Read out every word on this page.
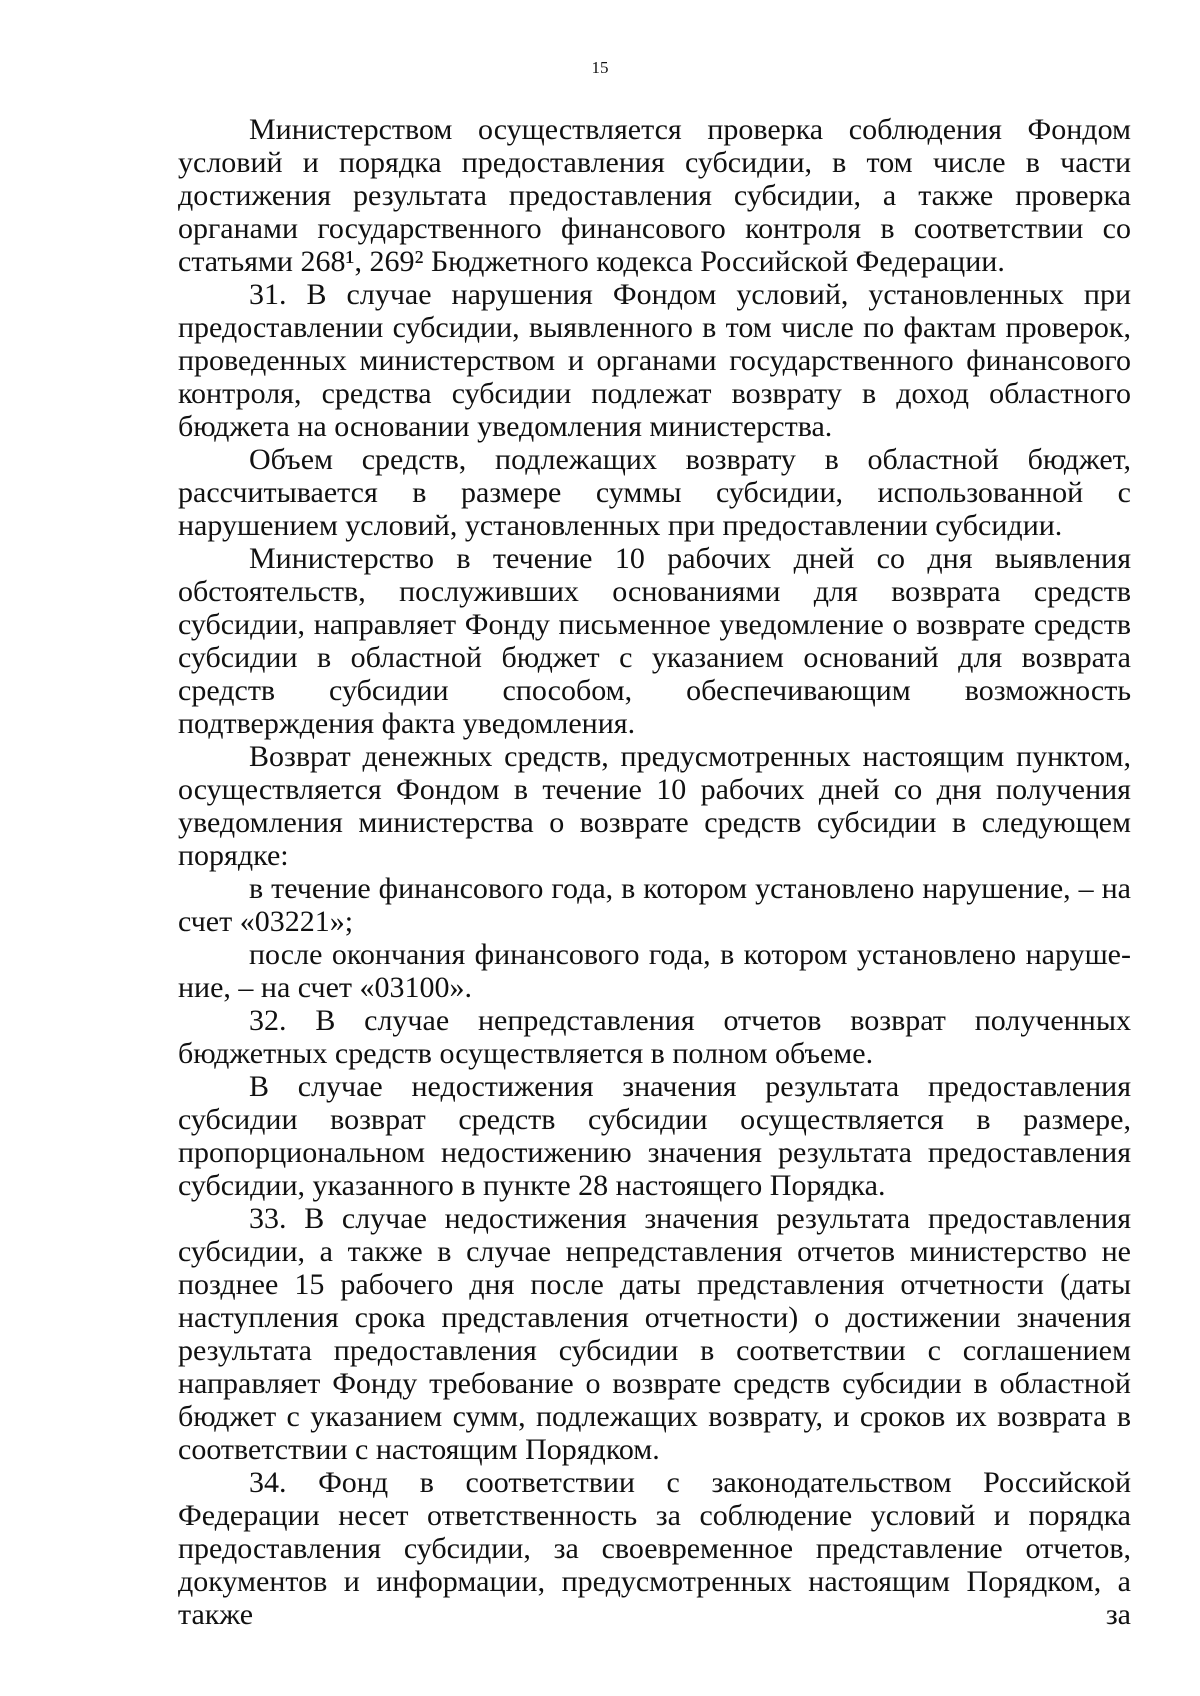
15

Министерством осуществляется проверка соблюдения Фондом условий и порядка предоставления субсидии, в том числе в части достижения результата предоставления субсидии, а также проверка органами государственного финансового контроля в соответствии со статьями 268¹, 269² Бюджетного кодекса Российской Федерации.

31. В случае нарушения Фондом условий, установленных при предоставлении субсидии, выявленного в том числе по фактам проверок, проведенных министерством и органами государственного финансового контроля, средства субсидии подлежат возврату в доход областного бюджета на основании уведомления министерства.

Объем средств, подлежащих возврату в областной бюджет, рассчитывается в размере суммы субсидии, использованной с нарушением условий, установленных при предоставлении субсидии.

Министерство в течение 10 рабочих дней со дня выявления обстоятельств, послуживших основаниями для возврата средств субсидии, направляет Фонду письменное уведомление о возврате средств субсидии в областной бюджет с указанием оснований для возврата средств субсидии способом, обеспечивающим возможность подтверждения факта уведомления.

Возврат денежных средств, предусмотренных настоящим пунктом, осуществляется Фондом в течение 10 рабочих дней со дня получения уведомления министерства о возврате средств субсидии в следующем порядке:

в течение финансового года, в котором установлено нарушение, – на счет «03221»;

после окончания финансового года, в котором установлено нарушение, – на счет «03100».

32. В случае непредставления отчетов возврат полученных бюджетных средств осуществляется в полном объеме.

В случае недостижения значения результата предоставления субсидии возврат средств субсидии осуществляется в размере, пропорциональном недостижению значения результата предоставления субсидии, указанного в пункте 28 настоящего Порядка.

33. В случае недостижения значения результата предоставления субсидии, а также в случае непредставления отчетов министерство не позднее 15 рабочего дня после даты представления отчетности (даты наступления срока представления отчетности) о достижении значения результата предоставления субсидии в соответствии с соглашением направляет Фонду требование о возврате средств субсидии в областной бюджет с указанием сумм, подлежащих возврату, и сроков их возврата в соответствии с настоящим Порядком.

34. Фонд в соответствии с законодательством Российской Федерации несет ответственность за соблюдение условий и порядка предоставления субсидии, за своевременное представление отчетов, документов и информации, предусмотренных настоящим Порядком, а также за
